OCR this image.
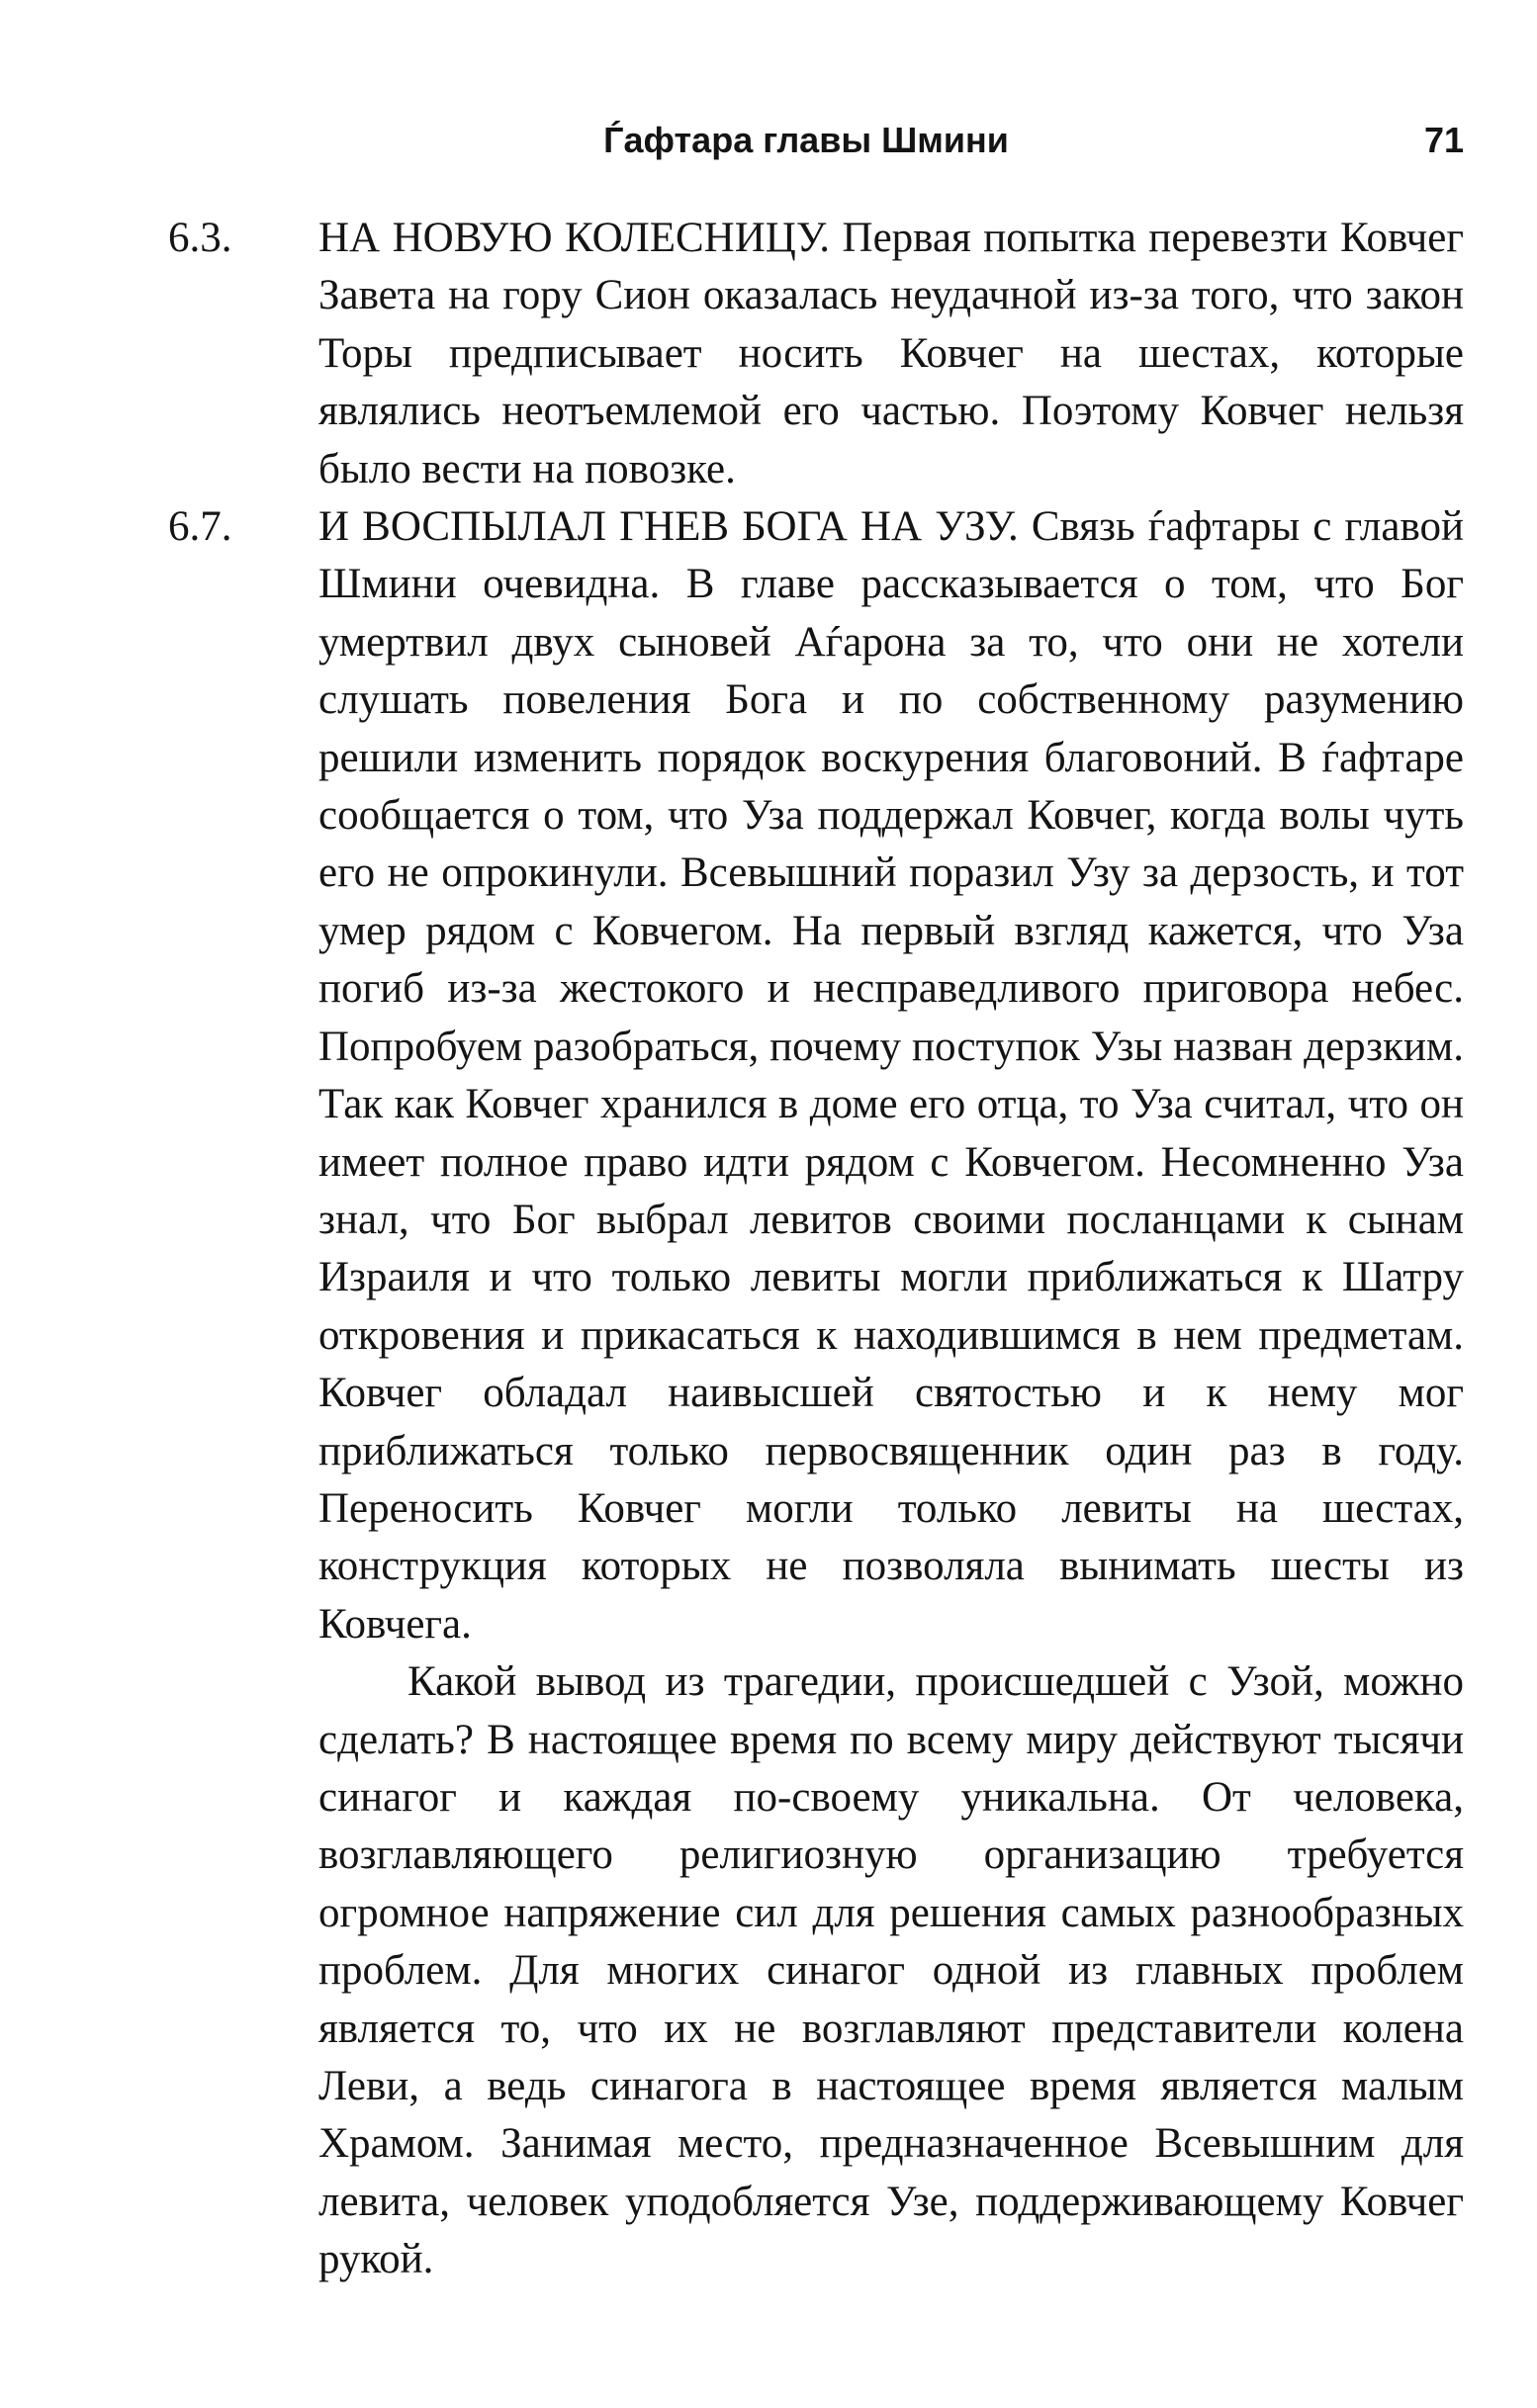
Ѓафтара главы Шмини	71
6.3. НА НОВУЮ КОЛЕСНИЦУ. Первая попытка перевезти Ковчег Завета на гору Сион оказалась неудачной из-за того, что закон Торы предписывает носить Ковчег на шестах, которые являлись неотъемлемой его частью. Поэтому Ковчег нельзя было вести на повозке.
6.7. И ВОСПЫЛАЛ ГНЕВ БОГА НА УЗУ. Связь ѓафтары с главой Шмини очевидна. В главе рассказывается о том, что Бог умертвил двух сыновей Аѓарона за то, что они не хотели слушать повеления Бога и по собственному разумению решили изменить порядок воскурения благовоний. В ѓафтаре сообщается о том, что Уза поддержал Ковчег, когда волы чуть его не опрокинули. Всевышний поразил Узу за дерзость, и тот умер рядом с Ковчегом. На первый взгляд кажется, что Уза погиб из-за жестокого и несправедливого приговора небес. Попробуем разобраться, почему поступок Узы назван дерзким. Так как Ковчег хранился в доме его отца, то Уза считал, что он имеет полное право идти рядом с Ковчегом. Несомненно Уза знал, что Бог выбрал левитов своими посланцами к сынам Израиля и что только левиты могли приближаться к Шатру откровения и прикасаться к находившимся в нем предметам. Ковчег обладал наивысшей святостью и к нему мог приближаться только первосвященник один раз в году. Переносить Ковчег могли только левиты на шестах, конструкция которых не позволяла вынимать шесты из Ковчега.
Какой вывод из трагедии, происшедшей с Узой, можно сделать? В настоящее время по всему миру действуют тысячи синагог и каждая по-своему уникальна. От человека, возглавляющего религиозную организацию требуется огромное напряжение сил для решения самых разнообразных проблем. Для многих синагог одной из главных проблем является то, что их не возглавляют представители колена Леви, а ведь синагога в настоящее время является малым Храмом. Занимая место, предназначенное Всевышним для левита, человек уподобляется Узе, поддерживающему Ковчег рукой.
